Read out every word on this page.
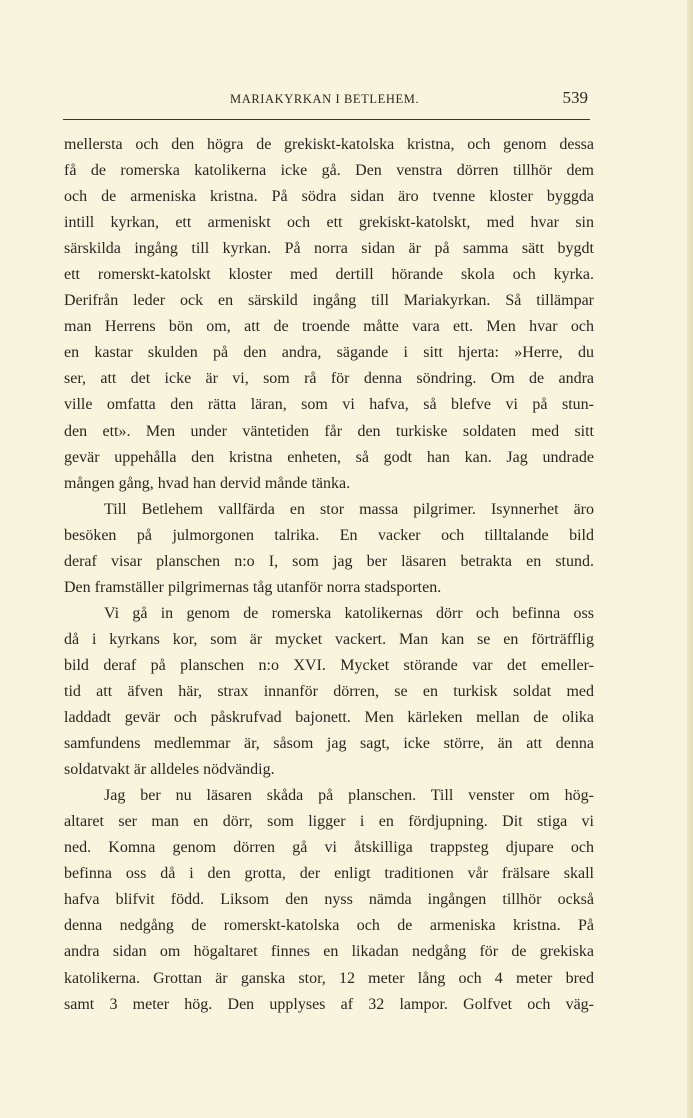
MARIAKYRKAN I BETLEHEM.	539
mellersta och den högra de grekiskt-katolska kristna, och genom dessa
få de romerska katolikerna icke gå. Den venstra dörren tillhör dem
och de armeniska kristna. På södra sidan äro tvenne kloster byggda
intill kyrkan, ett armeniskt och ett grekiskt-katolskt, med hvar sin
särskilda ingång till kyrkan. På norra sidan är på samma sätt bygdt
ett romerskt-katolskt kloster med dertill hörande skola och kyrka.
Derifrån leder ock en särskild ingång till Mariakyrkan. Så tillämpar
man Herrens bön om, att de troende måtte vara ett. Men hvar och
en kastar skulden på den andra, sägande i sitt hjerta: »Herre, du
ser, att det icke är vi, som rå för denna söndring. Om de andra
ville omfatta den rätta läran, som vi hafva, så blefve vi på stun-
den ett». Men under väntetiden får den turkiske soldaten med sitt
gevär uppehålla den kristna enheten, så godt han kan. Jag undrade
mången gång, hvad han dervid månde tänka.
Till Betlehem vallfärda en stor massa pilgrimer. Isynnerhet äro
besöken på julmorgonen talrika. En vacker och tilltalande bild
deraf visar planschen n:o I, som jag ber läsaren betrakta en stund.
Den framställer pilgrimernas tåg utanför norra stadsporten.
Vi gå in genom de romerska katolikernas dörr och befinna oss
då i kyrkans kor, som är mycket vackert. Man kan se en förträfflig
bild deraf på planschen n:o XVI. Mycket störande var det emeller-
tid att äfven här, strax innanför dörren, se en turkisk soldat med
laddadt gevär och påskrufvad bajonett. Men kärleken mellan de olika
samfundens medlemmar är, såsom jag sagt, icke större, än att denna
soldatvakt är alldeles nödvändig.
Jag ber nu läsaren skåda på planschen. Till venster om hög-
altaret ser man en dörr, som ligger i en fördjupning. Dit stiga vi
ned. Komna genom dörren gå vi åtskilliga trappsteg djupare och
befinna oss då i den grotta, der enligt traditionen vår frälsare skall
hafva blifvit född. Liksom den nyss nämda ingången tillhör också
denna nedgång de romerskt-katolska och de armeniska kristna. På
andra sidan om högaltaret finnes en likadan nedgång för de grekiska
katolikerna. Grottan är ganska stor, 12 meter lång och 4 meter bred
samt 3 meter hög. Den upplyses af 32 lampor. Golfvet och väg-
